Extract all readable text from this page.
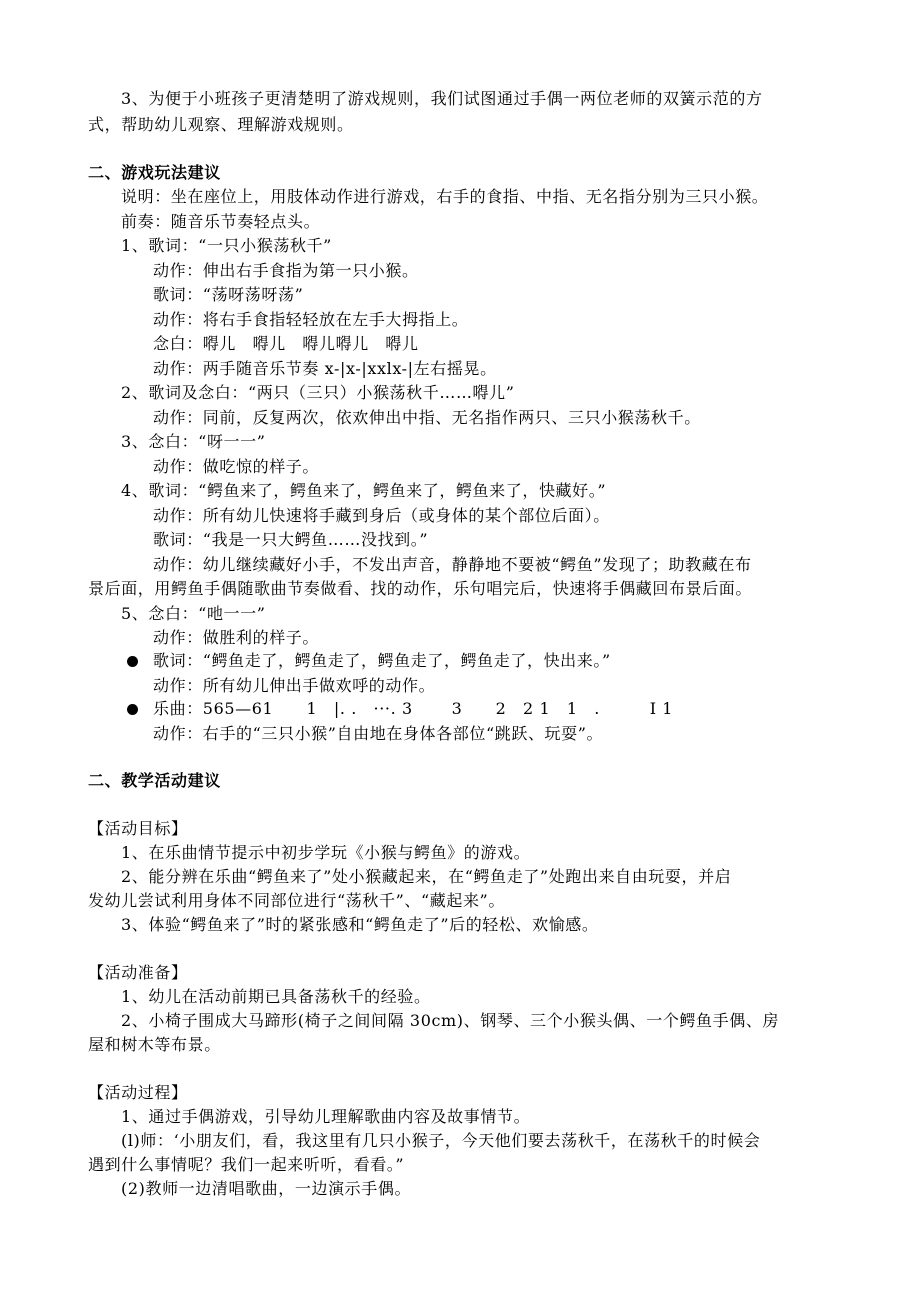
3、为便于小班孩子更清楚明了游戏规则，我们试图通过手偶一两位老师的双簧示范的方
式，帮助幼儿观察、理解游戏规则。
二、游戏玩法建议
说明：坐在座位上，用肢体动作进行游戏，右手的食指、中指、无名指分别为三只小猴。
前奏：随音乐节奏轻点头。
1、歌词：“一只小猴荡秋千”
动作：伸出右手食指为第一只小猴。
歌词：“荡呀荡呀荡”
动作：将右手食指轻轻放在左手大拇指上。
念白：嘚儿　嘚儿　嘚儿嘚儿　嘚儿
动作：两手随音乐节奏 x-|x-|xxlx-|左右摇晃。
2、歌词及念白：“两只（三只）小猴荡秋千……嘚儿”
动作：同前，反复两次，依欢伸出中指、无名指作两只、三只小猴荡秋千。
3、念白：“呀一一”
动作：做吃惊的样子。
4、歌词：“鳄鱼来了，鳄鱼来了，鳄鱼来了，鳄鱼来了，快藏好。”
动作：所有幼儿快速将手藏到身后（或身体的某个部位后面）。
歌词：“我是一只大鳄鱼……没找到。”
动作：幼儿继续藏好小手，不发出声音，静静地不要被“鳄鱼”发现了；助教藏在布
景后面，用鳄鱼手偶随歌曲节奏做看、找的动作，乐句唱完后，快速将手偶藏回布景后面。
5、念白：“吔一一”
动作：做胜利的样子。
歌词：“鳄鱼走了，鳄鱼走了，鳄鱼走了，鳄鱼走了，快出来。”
动作：所有幼儿伸出手做欢呼的动作。
乐曲：565—61　　1　|. .　···. 3　　 3　　2　2 1　1　.　　　I 1
动作：右手的“三只小猴”自由地在身体各部位“跳跃、玩耍”。
二、教学活动建议
【活动目标】
1、在乐曲情节提示中初步学玩《小猴与鳄鱼》的游戏。
2、能分辨在乐曲“鳄鱼来了”处小猴藏起来，在“鳄鱼走了”处跑出来自由玩耍，并启
发幼儿尝试利用身体不同部位进行“荡秋千”、“藏起来”。
3、体验“鳄鱼来了”时的紧张感和“鳄鱼走了”后的轻松、欢愉感。
【活动准备】
1、幼儿在活动前期已具备荡秋千的经验。
2、小椅子围成大马蹄形(椅子之间间隔 30cm)、钢琴、三个小猴头偶、一个鳄鱼手偶、房
屋和树木等布景。
【活动过程】
1、通过手偶游戏，引导幼儿理解歌曲内容及故事情节。
(l)师：‘小朋友们，看，我这里有几只小猴子，今天他们要去荡秋千，在荡秋千的时候会
遇到什么事情呢？我们一起来听听，看看。”
(2)教师一边清唱歌曲，一边演示手偶。
